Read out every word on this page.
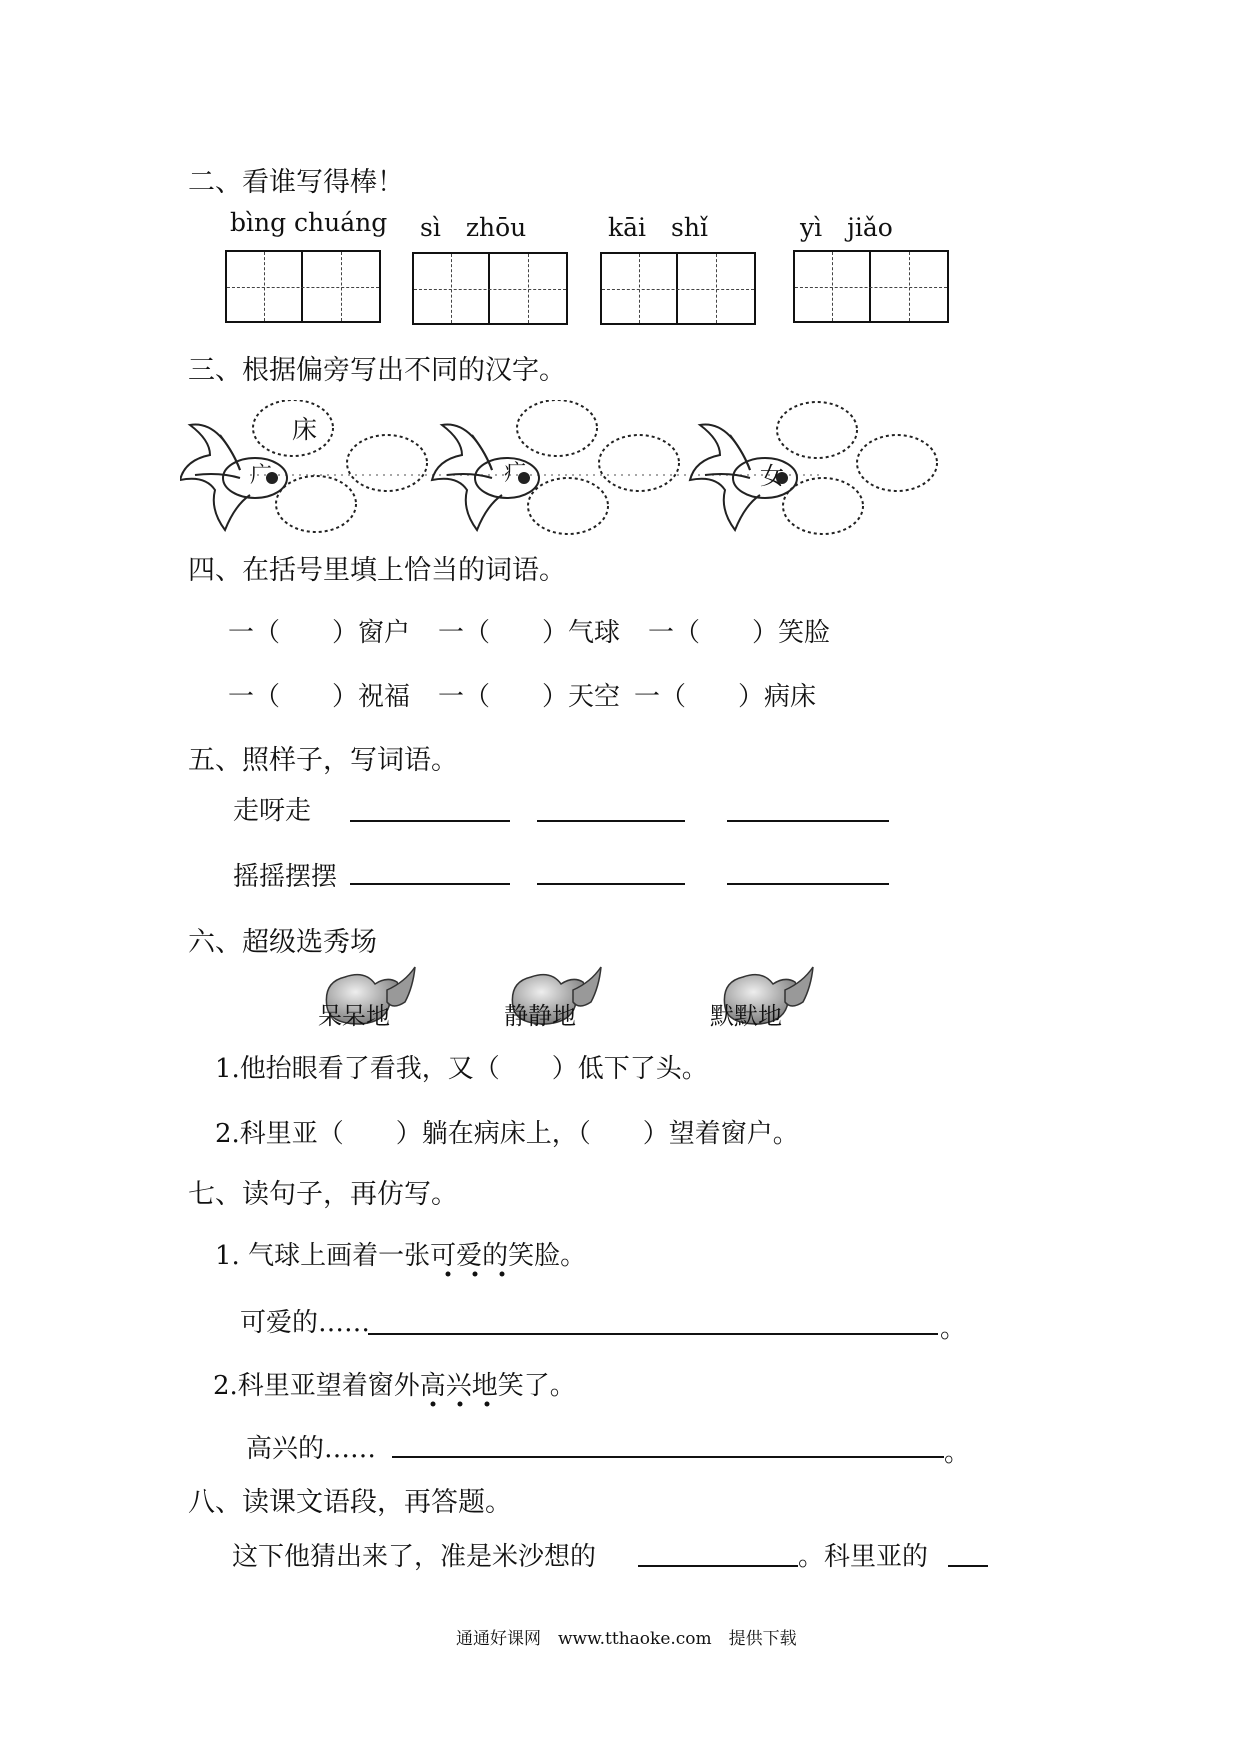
二、看谁写得棒！
bìng chuáng sì　zhōu	kāi　shǐ	yì　jiǎo
三、根据偏旁写出不同的汉字。
床
广	疒	女
四、在括号里填上恰当的词语。
一（　　）窗户 一（　　）气球 一（　　）笑脸
一（　　）祝福 一（　　）天空 一（　　）病床
五、照样子，写词语。
走呀走
摇摇摆摆
六、超级选秀场
呆呆地	静静地	默默地
1.他抬眼看了看我，又（　　）低下了头。
2.科里亚（　　）躺在病床上，（　　）望着窗户。
七、读句子，再仿写。
1. 气球上画着一张可爱的笑脸。
可爱的……	。
2.科里亚望着窗外高兴地笑了。
高兴的……	。
八、读课文语段，再答题。
这下他猜出来了，准是米沙想的	。科里亚的
通通好课网　www.tthaoke.com　提供下载
